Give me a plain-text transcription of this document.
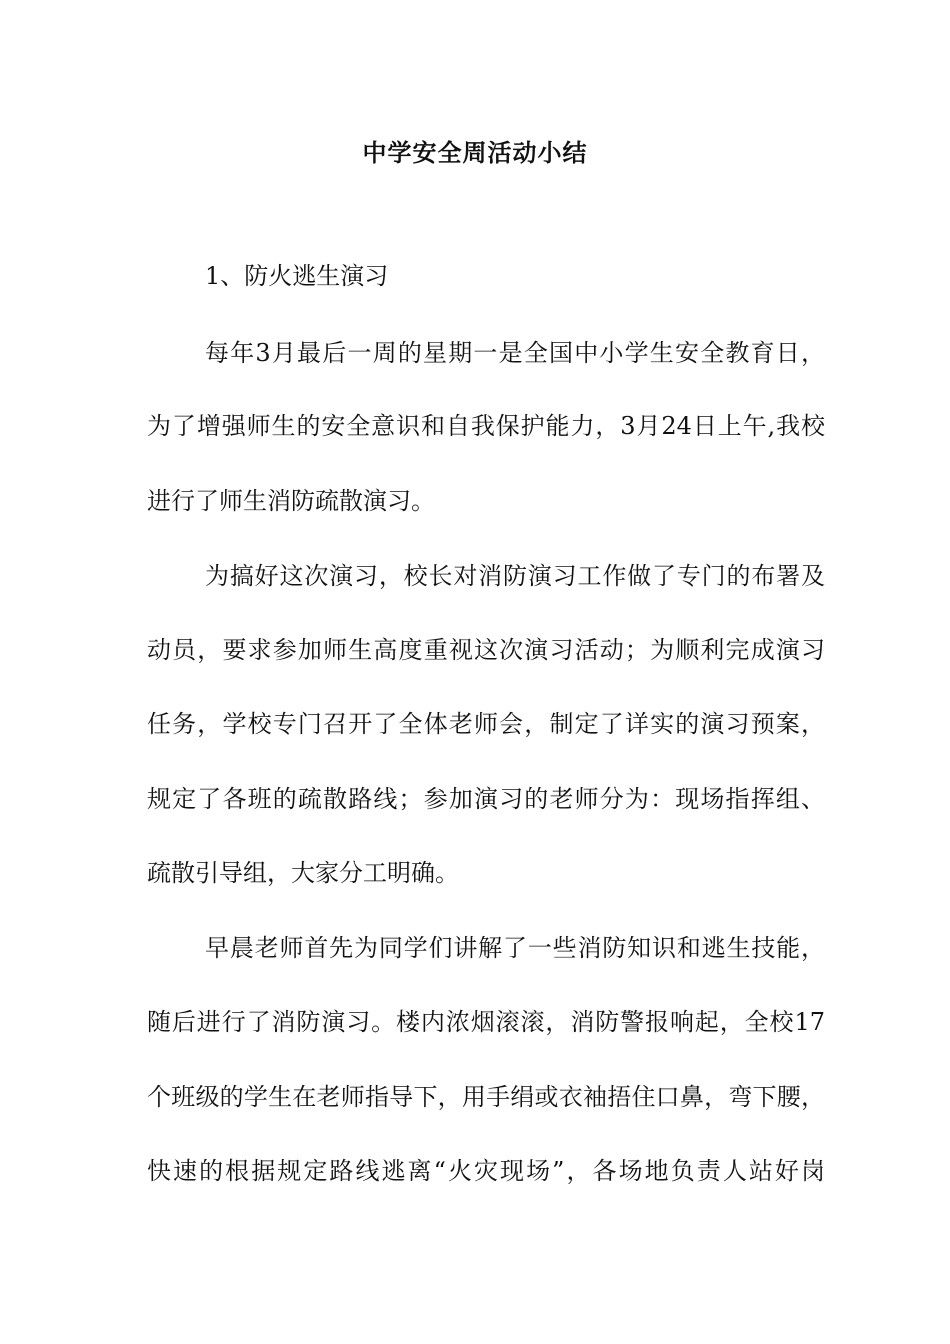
中学安全周活动小结
1、防火逃生演习
每年3月最后一周的星期一是全国中小学生安全教育日，
为了增强师生的安全意识和自我保护能力，3月24日上午,我校
进行了师生消防疏散演习。
为搞好这次演习，校长对消防演习工作做了专门的布署及
动员，要求参加师生高度重视这次演习活动；为顺利完成演习
任务，学校专门召开了全体老师会，制定了详实的演习预案，
规定了各班的疏散路线；参加演习的老师分为：现场指挥组、
疏散引导组，大家分工明确。
早晨老师首先为同学们讲解了一些消防知识和逃生技能，
随后进行了消防演习。楼内浓烟滚滚，消防警报响起，全校17
个班级的学生在老师指导下，用手绢或衣袖捂住口鼻，弯下腰，
快速的根据规定路线逃离“火灾现场”，各场地负责人站好岗
